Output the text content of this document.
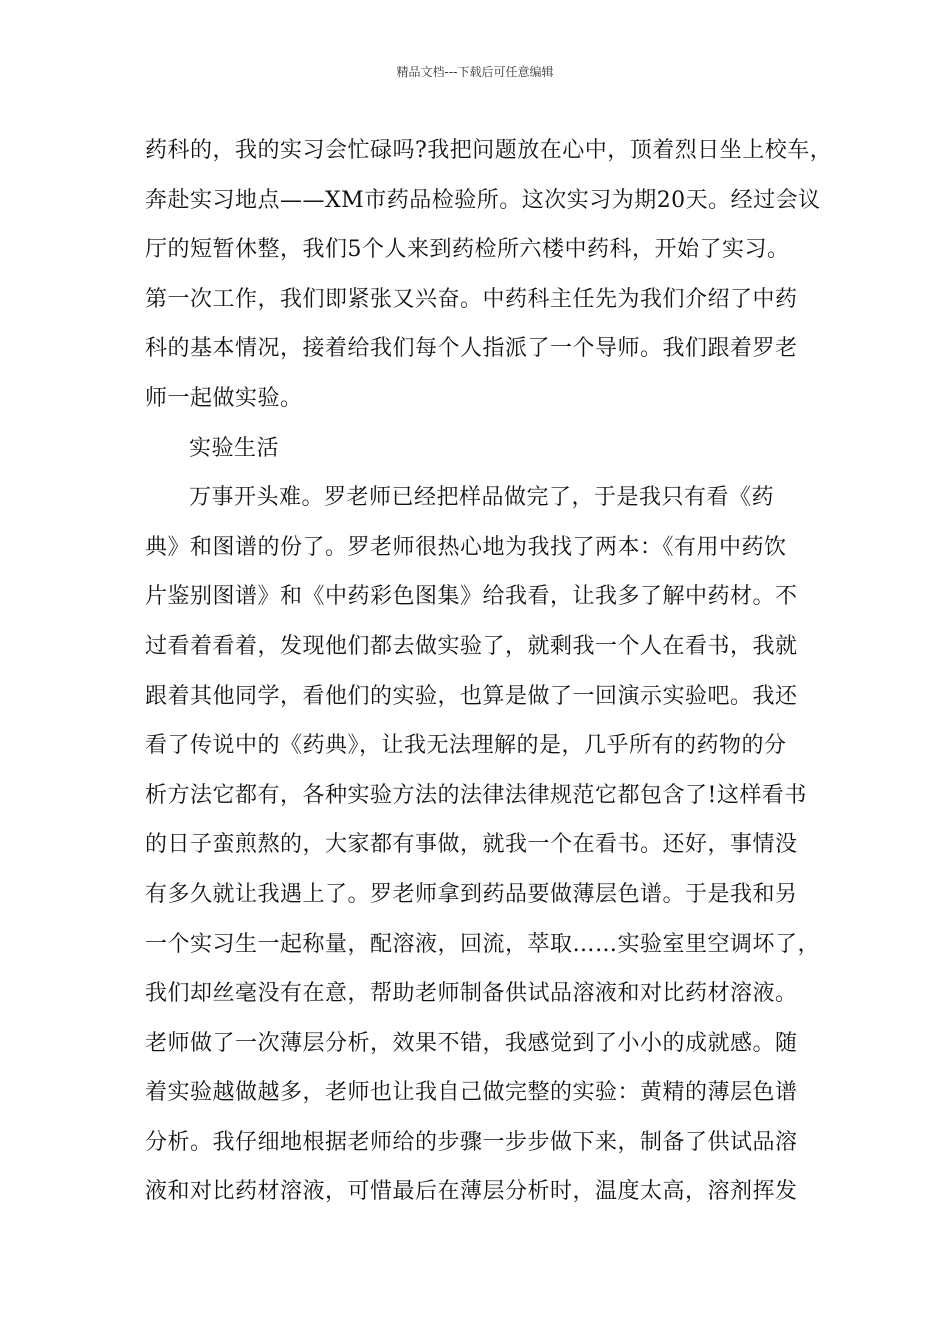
精品文档---下载后可任意编辑
药科的，我的实习会忙碌吗?我把问题放在心中，顶着烈日坐上校车，
奔赴实习地点——XM市药品检验所。这次实习为期20天。经过会议
厅的短暂休整，我们5个人来到药检所六楼中药科，开始了实习。
第一次工作，我们即紧张又兴奋。中药科主任先为我们介绍了中药
科的基本情况，接着给我们每个人指派了一个导师。我们跟着罗老
师一起做实验。
实验生活
万事开头难。罗老师已经把样品做完了，于是我只有看《药
典》和图谱的份了。罗老师很热心地为我找了两本：《有用中药饮
片鉴别图谱》和《中药彩色图集》给我看，让我多了解中药材。不
过看着看着，发现他们都去做实验了，就剩我一个人在看书，我就
跟着其他同学，看他们的实验，也算是做了一回演示实验吧。我还
看了传说中的《药典》，让我无法理解的是，几乎所有的药物的分
析方法它都有，各种实验方法的法律法律规范它都包含了!这样看书
的日子蛮煎熬的，大家都有事做，就我一个在看书。还好，事情没
有多久就让我遇上了。罗老师拿到药品要做薄层色谱。于是我和另
一个实习生一起称量，配溶液，回流，萃取……实验室里空调坏了，
我们却丝毫没有在意，帮助老师制备供试品溶液和对比药材溶液。
老师做了一次薄层分析，效果不错，我感觉到了小小的成就感。随
着实验越做越多，老师也让我自己做完整的实验：黄精的薄层色谱
分析。我仔细地根据老师给的步骤一步步做下来，制备了供试品溶
液和对比药材溶液，可惜最后在薄层分析时，温度太高，溶剂挥发
